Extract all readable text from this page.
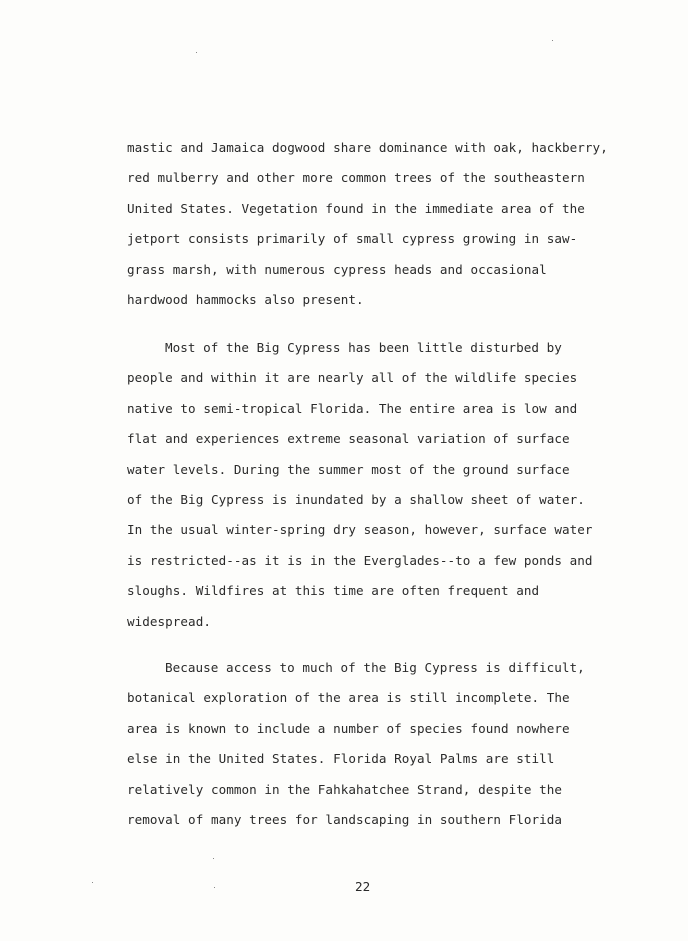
mastic and Jamaica dogwood share dominance with oak, hackberry,
red mulberry and other more common trees of the southeastern
United States. Vegetation found in the immediate area of the
jetport consists primarily of small cypress growing in saw-
grass marsh, with numerous cypress heads and occasional
hardwood hammocks also present.
Most of the Big Cypress has been little disturbed by
people and within it are nearly all of the wildlife species
native to semi-tropical Florida. The entire area is low and
flat and experiences extreme seasonal variation of surface
water levels. During the summer most of the ground surface
of the Big Cypress is inundated by a shallow sheet of water.
In the usual winter-spring dry season, however, surface water
is restricted--as it is in the Everglades--to a few ponds and
sloughs. Wildfires at this time are often frequent and
widespread.
Because access to much of the Big Cypress is difficult,
botanical exploration of the area is still incomplete. The
area is known to include a number of species found nowhere
else in the United States. Florida Royal Palms are still
relatively common in the Fahkahatchee Strand, despite the
removal of many trees for landscaping in southern Florida
22
